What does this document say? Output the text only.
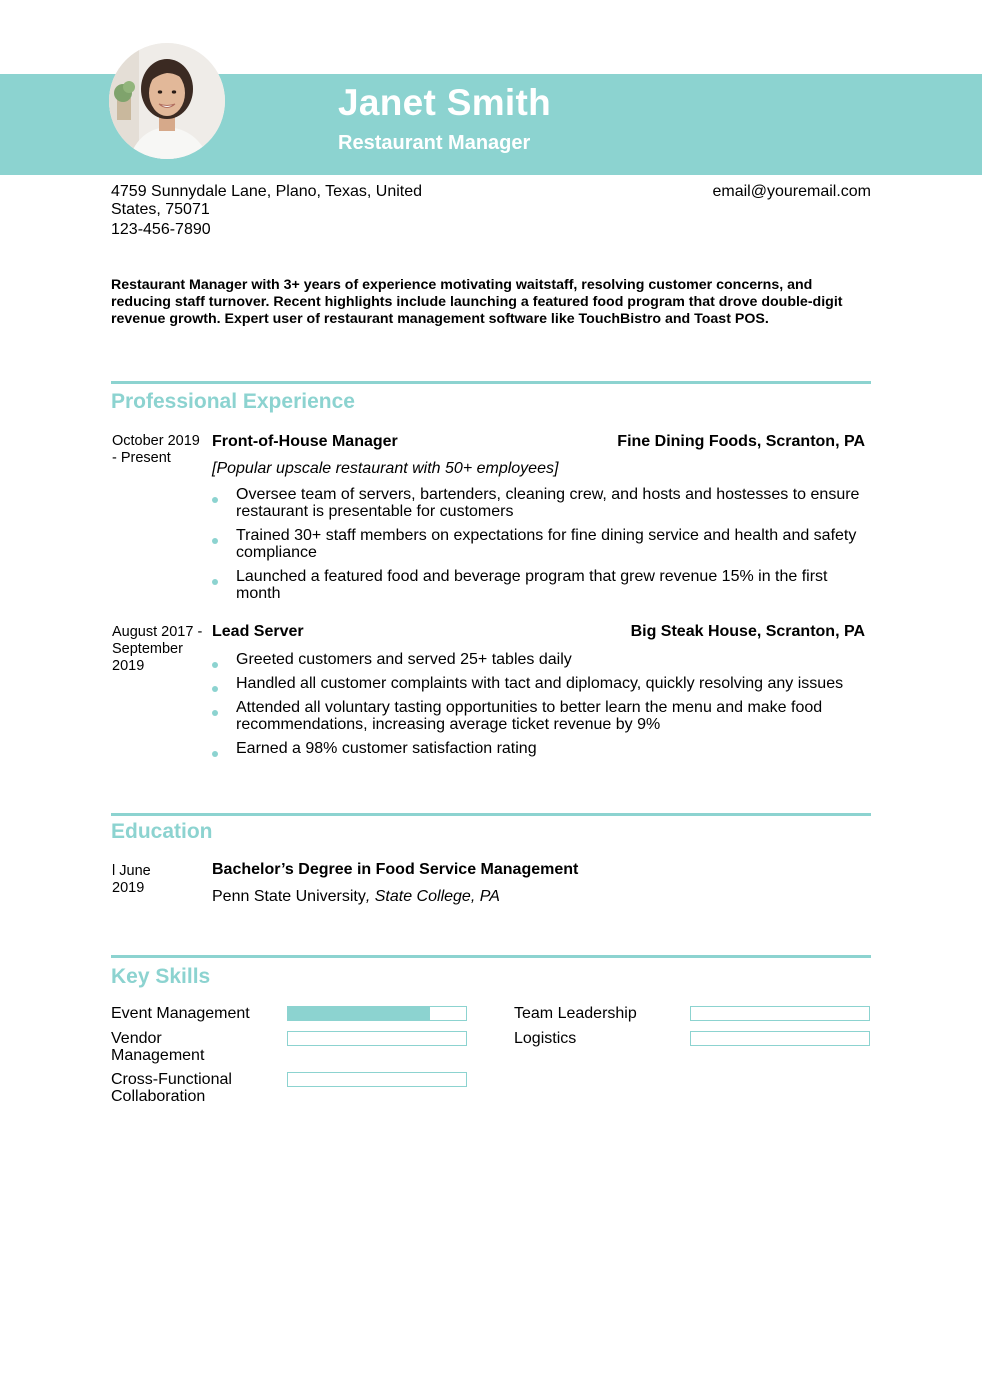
Janet Smith
Restaurant Manager
4759 Sunnydale Lane, Plano, Texas, United States, 75071
123-456-7890
email@youremail.com
Restaurant Manager with 3+ years of experience motivating waitstaff, resolving customer concerns, and reducing staff turnover. Recent highlights include launching a featured food program that drove double-digit revenue growth. Expert user of restaurant management software like TouchBistro and Toast POS.
Professional Experience
October 2019 - Present
Front-of-House Manager	Fine Dining Foods, Scranton, PA
[Popular upscale restaurant with 50+ employees]
Oversee team of servers, bartenders, cleaning crew, and hosts and hostesses to ensure restaurant is presentable for customers
Trained 30+ staff members on expectations for fine dining service and health and safety compliance
Launched a featured food and beverage program that grew revenue 15% in the first month
August 2017 - September 2019
Lead Server	Big Steak House, Scranton, PA
Greeted customers and served 25+ tables daily
Handled all customer complaints with tact and diplomacy, quickly resolving any issues
Attended all voluntary tasting opportunities to better learn the menu and make food recommendations, increasing average ticket revenue by 9%
Earned a 98% customer satisfaction rating
Education
l June 2019
Bachelor’s Degree in Food Service Management
Penn State University, State College, PA
Key Skills
Event Management
Vendor Management
Cross-Functional Collaboration
Team Leadership
Logistics
